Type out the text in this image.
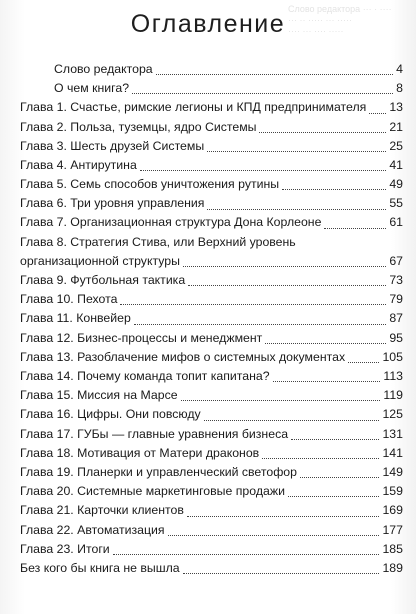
Слово редактора ··· · ····
··· ·· ····· ··· ·····
···· ··· ···· ·····
Оглавление
Слово редактора	4
О чем книга?	8
Глава 1. Счастье, римские легионы и КПД предпринимателя 13
Глава 2. Польза, туземцы, ядро Системы	21
Глава 3. Шесть друзей Системы	25
Глава 4. Антирутина	41
Глава 5. Семь способов уничтожения рутины	49
Глава 6. Три уровня управления	55
Глава 7. Организационная структура Дона Корлеоне	61
Глава 8. Стратегия Стива, или Верхний уровень
организационной структуры	67
Глава 9. Футбольная тактика	73
Глава 10. Пехота	79
Глава 11. Конвейер	87
Глава 12. Бизнес-процессы и менеджмент	95
Глава 13. Разоблачение мифов о системных документах	105
Глава 14. Почему команда топит капитана?	113
Глава 15. Миссия на Марсе	119
Глава 16. Цифры. Они повсюду	125
Глава 17. ГУБы — главные уравнения бизнеса	131
Глава 18. Мотивация от Матери драконов	141
Глава 19. Планерки и управленческий светофор	149
Глава 20. Системные маркетинговые продажи	159
Глава 21. Карточки клиентов	169
Глава 22. Автоматизация	177
Глава 23. Итоги	185
Без кого бы книга не вышла	189
